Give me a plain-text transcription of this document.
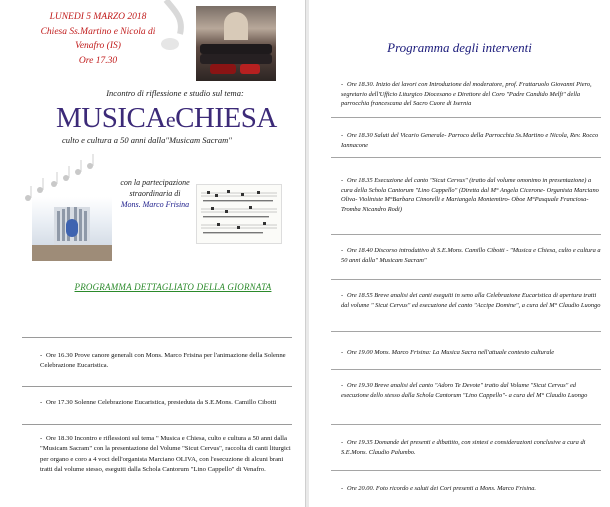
LUNEDI 5 MARZO 2018
Chiesa Ss.Martino e Nicola di Venafro (IS)
Ore 17.30
Incontro di riflessione e studio sul tema:
MUSICAeCHIESA
culto e cultura a 50 anni dalla"Musicam Sacram"
con la partecipazione straordinaria di
Mons. Marco Frisina
PROGRAMMA DETTAGLIATO DELLA GIORNATA
- Ore 16.30 Prove canore generali con Mons. Marco Frisina per l'animazione della Solenne Celebrazione Eucaristica.
- Ore 17.30 Solenne Celebrazione Eucaristica, presieduta da S.E.Mons. Camillo Cibotti
- Ore 18.30 Incontro e riflessioni sul tema " Musica e Chiesa, culto e cultura a 50 anni dalla "Musicam Sacram" con la presentazione del Volume "Sicut Cervus", raccolta di canti liturgici per organo e coro a 4 voci dell'organista Marciano OLIVA, con l'esecuzione di alcuni brani tratti dal volume stesso, eseguiti dalla Schola Cantorum "Lino Cappello" di Venafro.
Programma degli interventi
- Ore 18.30. Inizio dei lavori con Introduzione del moderatore, prof. Frattaruolo Giovanni Piero, segretario dell'Ufficio Liturgico Diocesano e Direttore del Coro "Padre Candido Melfi" della parrocchia francescana del Sacro Cuore di Isernia
- Ore 18.30 Saluti del Vicario Generale- Parroco della Parrocchia Ss.Martino e Nicola, Rev. Rocco Iannacone
- Ore 18.35 Esecuzione del canto "Sicut Cervus" (tratto dal volume omonimo in presentazione) a cura della Schola Cantorum "Lino Cappello" (Diretta dal M° Angela Cicerone- Organista Marciano Oliva- Violiniste M°Barbara Cimorelli e Mariangela Montemitro- Oboe M°Pasquale Franciosa- Tromba Nicandro Rodi)
- Ore 18.40 Discorso introduttivo di S.E.Mons. Camillo Cibotti - "Musica e Chiesa, culto e cultura a 50 anni dalla" Musicam Sacram"
- Ore 18.55 Breve analisi dei canti eseguiti in seno alla Celebrazione Eucaristica di apertura tratti dal volume " Sicut Cervus" ed esecuzione del canto "Accipe Domine", a cura del M° Claudio Luongo
- Ore 19.00 Mons. Marco Frisina: La Musica Sacra nell'attuale contesto culturale
- Ore 19.30 Breve analisi del canto "Adoro Te Devote" tratto dal Volume "Sicut Cervus" ed esecuzione dello stesso dalla Schola Cantorum "Lino Cappello"- a cura del M° Claudio Luongo
- Ore 19.35 Domande dei presenti e dibattito, con sintesi e considerazioni conclusive a cura di S.E.Mons. Claudio Palumbo.
- Ore 20.00. Foto ricordo e saluti dei Cori presenti a Mons. Marco Frisina.
